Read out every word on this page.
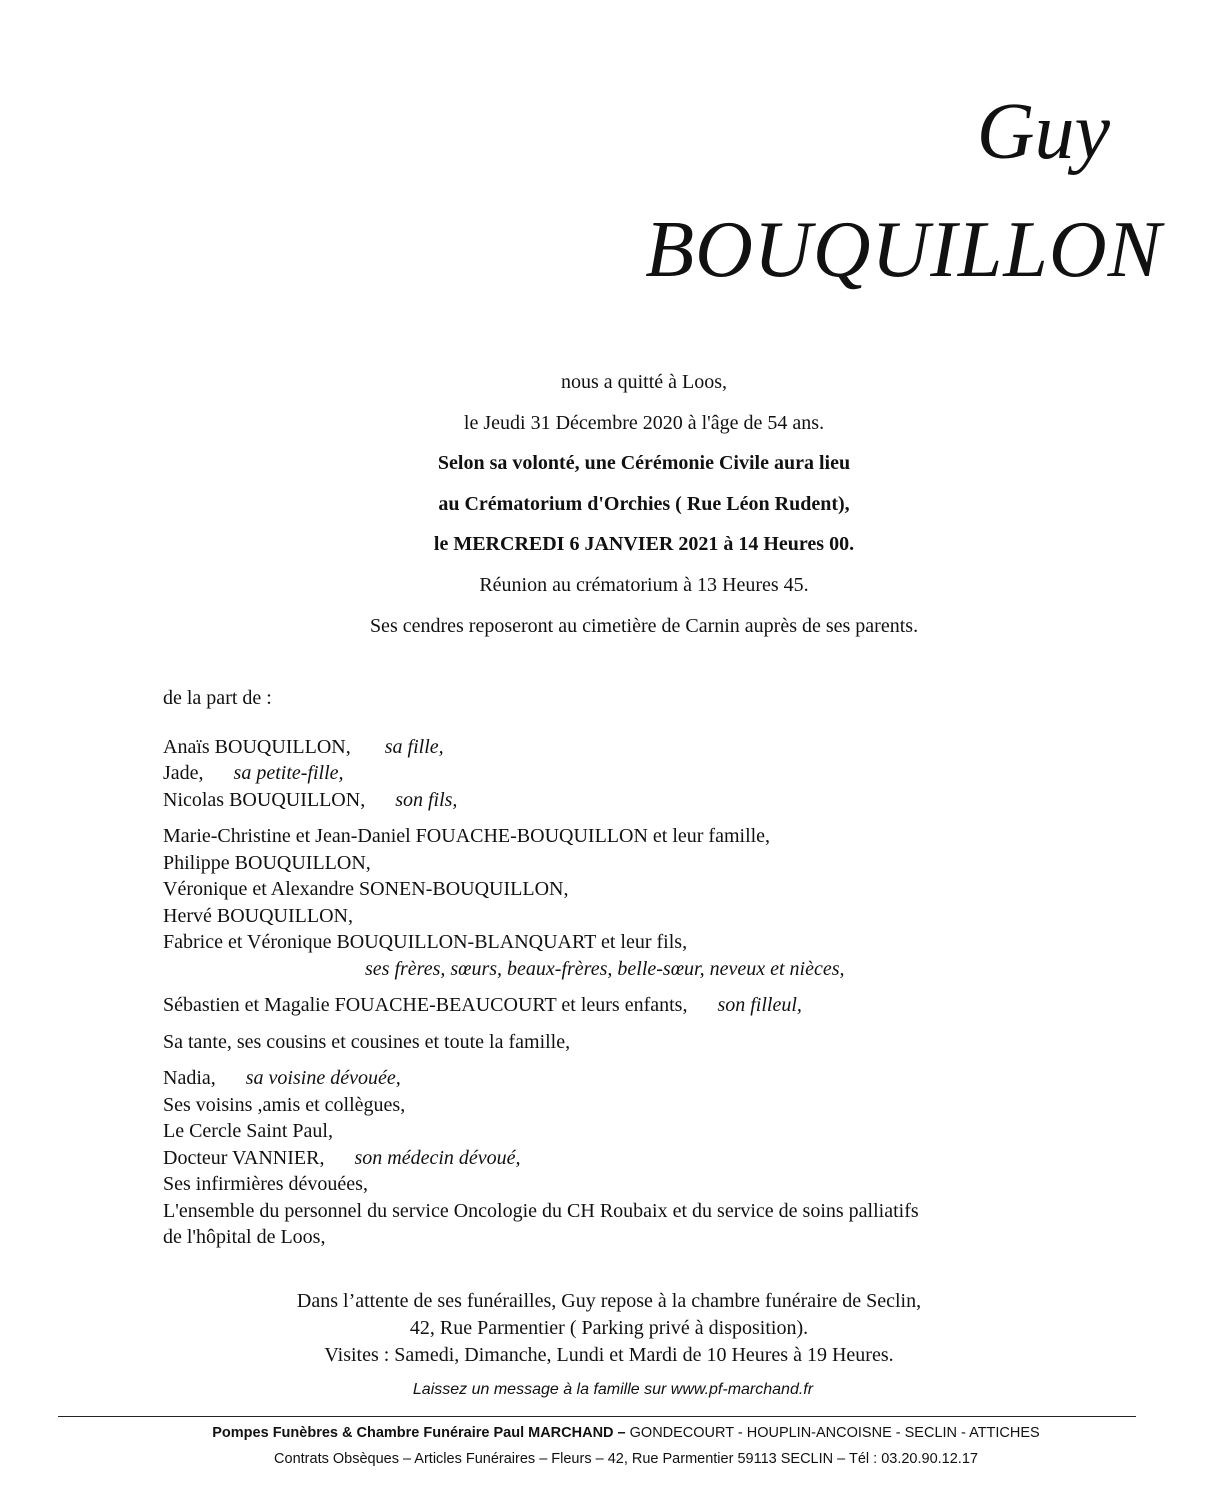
Guy
BOUQUILLON
nous a quitté à Loos,
le Jeudi 31 Décembre 2020 à l'âge de 54 ans.
Selon sa volonté, une Cérémonie Civile aura lieu
au Crématorium d'Orchies ( Rue Léon Rudent),
le MERCREDI 6 JANVIER 2021 à 14 Heures 00.
Réunion au crématorium à 13 Heures 45.
Ses cendres reposeront au cimetière de Carnin auprès de ses parents.
de la part de :
Anaïs BOUQUILLON, sa fille,
Jade, sa petite-fille,
Nicolas BOUQUILLON, son fils,
Marie-Christine et Jean-Daniel FOUACHE-BOUQUILLON et leur famille,
Philippe BOUQUILLON,
Véronique et Alexandre SONEN-BOUQUILLON,
Hervé BOUQUILLON,
Fabrice et Véronique BOUQUILLON-BLANQUART et leur fils,
ses frères, sœurs, beaux-frères, belle-sœur, neveux et nièces,
Sébastien et Magalie FOUACHE-BEAUCOURT et leurs enfants, son filleul,
Sa tante, ses cousins et cousines et toute la famille,
Nadia, sa voisine dévouée,
Ses voisins ,amis et collègues,
Le Cercle Saint Paul,
Docteur VANNIER, son médecin dévoué,
Ses infirmières dévouées,
L'ensemble du personnel du service Oncologie du CH Roubaix et du service de soins palliatifs
de l'hôpital de Loos,
Dans l’attente de ses funérailles, Guy repose à la chambre funéraire de Seclin,
42, Rue Parmentier ( Parking privé à disposition).
Visites : Samedi, Dimanche, Lundi et Mardi de 10 Heures à 19 Heures.
Laissez un message à la famille sur www.pf-marchand.fr
Pompes Funèbres & Chambre Funéraire Paul MARCHAND – GONDECOURT - HOUPLIN-ANCOISNE - SECLIN - ATTICHES
Contrats Obsèques – Articles Funéraires – Fleurs – 42, Rue Parmentier 59113 SECLIN – Tél : 03.20.90.12.17
